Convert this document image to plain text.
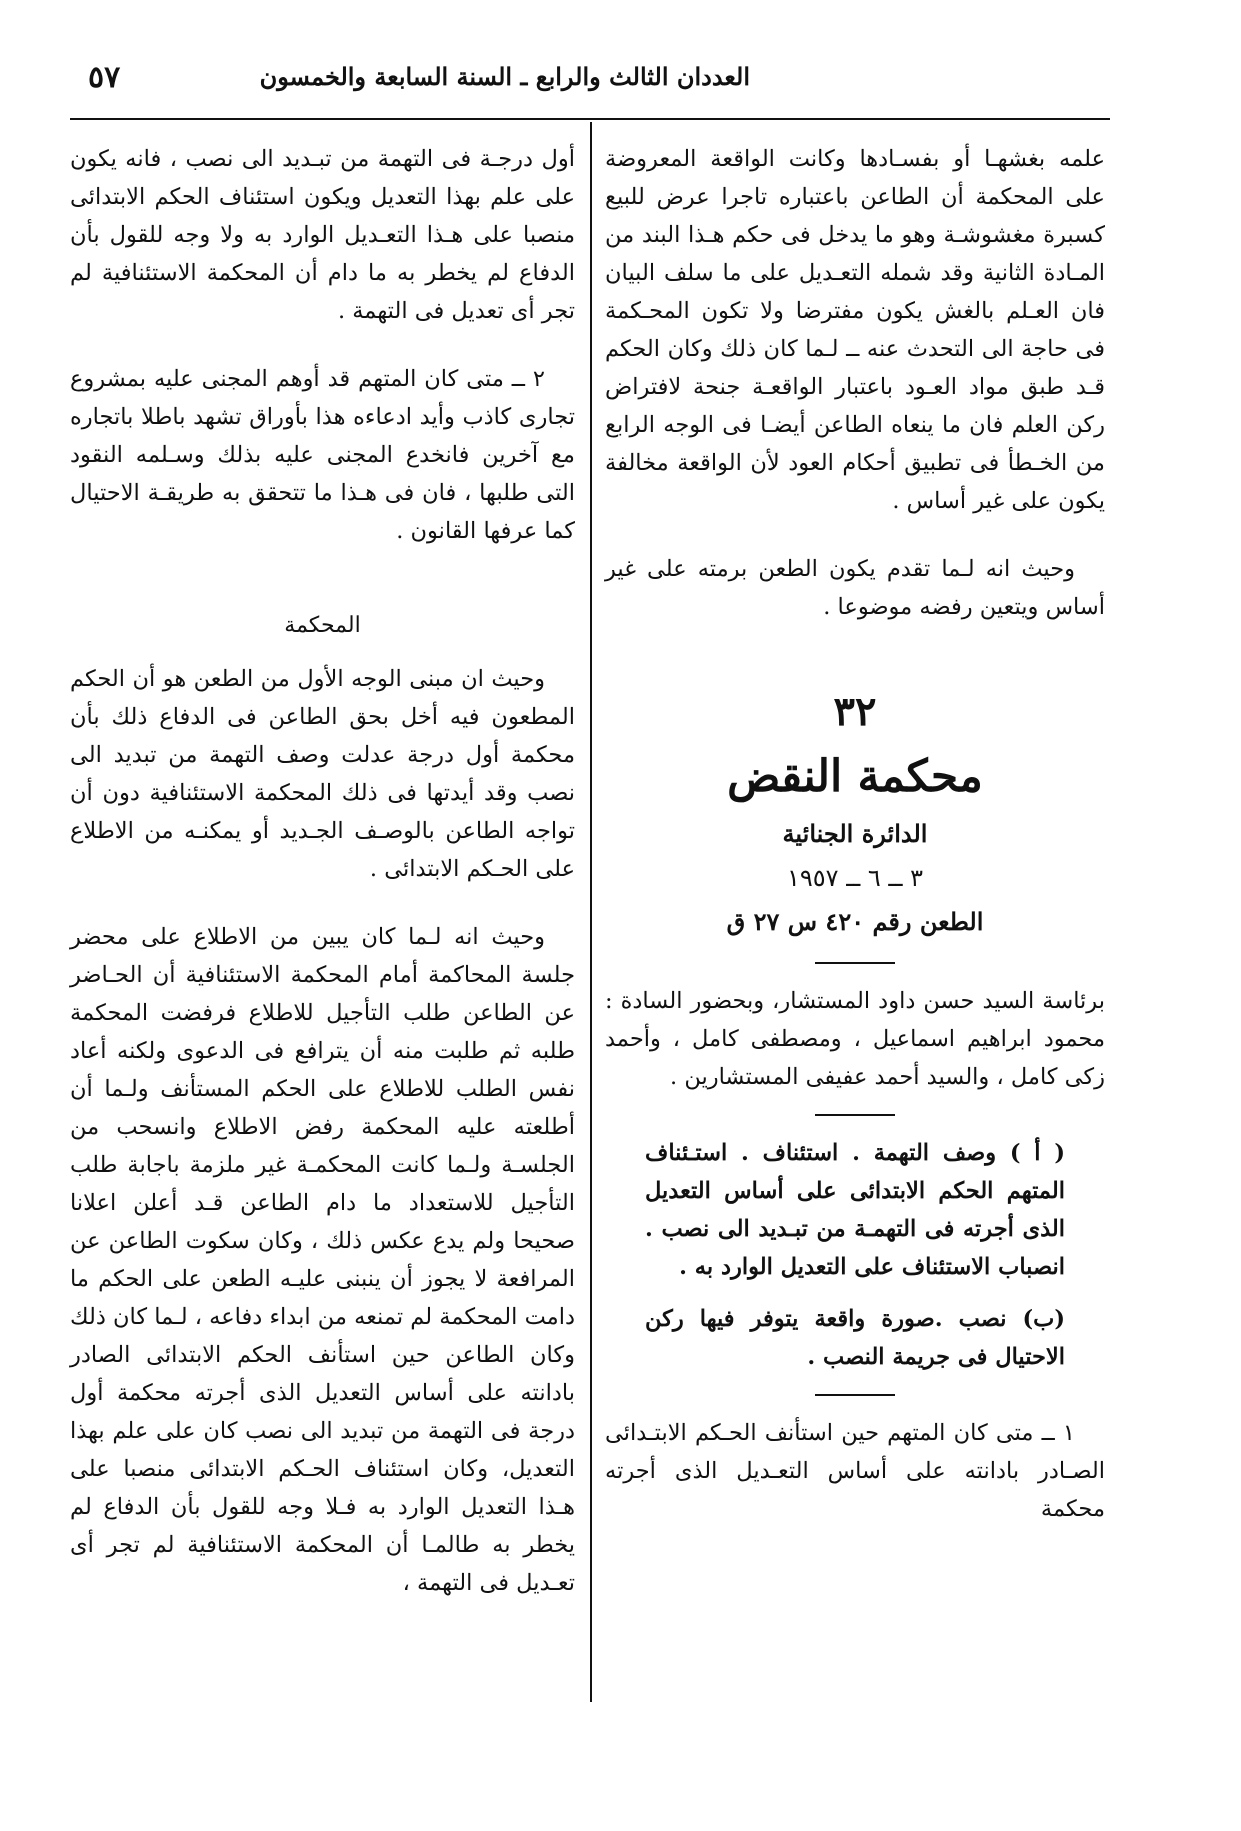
العددان الثالث والرابع ـ السنة السابعة والخمسون
٥٧

علمه بغشهـا أو بفسـادها وكانت الواقعة المعروضة على المحكمة أن الطاعن باعتباره تاجرا عرض للبيع كسبرة مغشوشـة وهو ما يدخل فى حكم هـذا البند من المـادة الثانية وقد شمله التعـديل على ما سلف البيان فان العـلم بالغش يكون مفترضا ولا تكون المحـكمة فى حاجة الى التحدث عنه ــ لـما كان ذلك وكان الحكم قـد طبق مواد العـود باعتبار الواقعـة جنحة لافتراض ركن العلم فان ما ينعاه الطاعن أيضـا فى الوجه الرابع من الخـطأ فى تطبيق أحكام العود لأن الواقعة مخالفة يكون على غير أساس .

وحيث انه لـما تقدم يكون الطعن برمته على غير أساس ويتعين رفضه موضوعا .

٣٢
محكمة النقض
الدائرة الجنائية
٣ ــ ٦ ــ ١٩٥٧
الطعن رقم ٤٢٠ س ٢٧ ق

برئاسة السيد حسن داود المستشار، وبحضور السادة : محمود ابراهيم اسماعيل ، ومصطفى كامل ، وأحمد زكى كامل ، والسيد أحمد عفيفى المستشارين .

( أ ) وصف التهمة . استئناف . استـئناف المتهم الحكم الابتدائى على أساس التعديل الذى أجرته فى التهمـة من تبـديد الى نصب . انصباب الاستئناف على التعديل الوارد به .

(ب) نصب .صورة واقعة يتوفر فيها ركن الاحتيال فى جريمة النصب .

١ ــ متى كان المتهم حين استأنف الحـكم الابتـدائى الصـادر بادانته على أساس التعـديل الذى أجرته محكمة

أول درجـة فى التهمة من تبـديد الى نصب ، فانه يكون على علم بهذا التعديل ويكون استئناف الحكم الابتدائى منصبا على هـذا التعـديل الوارد به ولا وجه للقول بأن الدفاع لم يخطر به ما دام أن المحكمة الاستئنافية لم تجر أى تعديل فى التهمة .

٢ ــ متى كان المتهم قد أوهم المجنى عليه بمشروع تجارى كاذب وأيد ادعاءه هذا بأوراق تشهد باطلا باتجاره مع آخرين فانخدع المجنى عليه بذلك وسـلمه النقود التى طلبها ، فان فى هـذا ما تتحقق به طريقـة الاحتيال كما عرفها القانون .

المحكمة

وحيث ان مبنى الوجه الأول من الطعن هو أن الحكم المطعون فيه أخل بحق الطاعن فى الدفاع ذلك بأن محكمة أول درجة عدلت وصف التهمة من تبديد الى نصب وقد أيدتها فى ذلك المحكمة الاستئنافية دون أن تواجه الطاعن بالوصـف الجـديد أو يمكنـه من الاطلاع على الحـكم الابتدائى .

وحيث انه لـما كان يبين من الاطلاع على محضر جلسة المحاكمة أمام المحكمة الاستئنافية أن الحـاضر عن الطاعن طلب التأجيل للاطلاع فرفضت المحكمة طلبه ثم طلبت منه أن يترافع فى الدعوى ولكنه أعاد نفس الطلب للاطلاع على الحكم المستأنف ولـما أن أطلعته عليه المحكمة رفض الاطلاع وانسحب من الجلسـة ولـما كانت المحكمـة غير ملزمة باجابة طلب التأجيل للاستعداد ما دام الطاعن قـد أعلن اعلانا صحيحا ولم يدع عكس ذلك ، وكان سكوت الطاعن عن المرافعة لا يجوز أن ينبنى عليـه الطعن على الحكم ما دامت المحكمة لم تمنعه من ابداء دفاعه ، لـما كان ذلك وكان الطاعن حين استأنف الحكم الابتدائى الصادر بادانته على أساس التعديل الذى أجرته محكمة أول درجة فى التهمة من تبديد الى نصب كان على علم بهذا التعديل، وكان استئناف الحـكم الابتدائى منصبا على هـذا التعديل الوارد به فـلا وجه للقول بأن الدفاع لم يخطر به طالمـا أن المحكمة الاستئنافية لم تجر أى تعـديل فى التهمة ،
